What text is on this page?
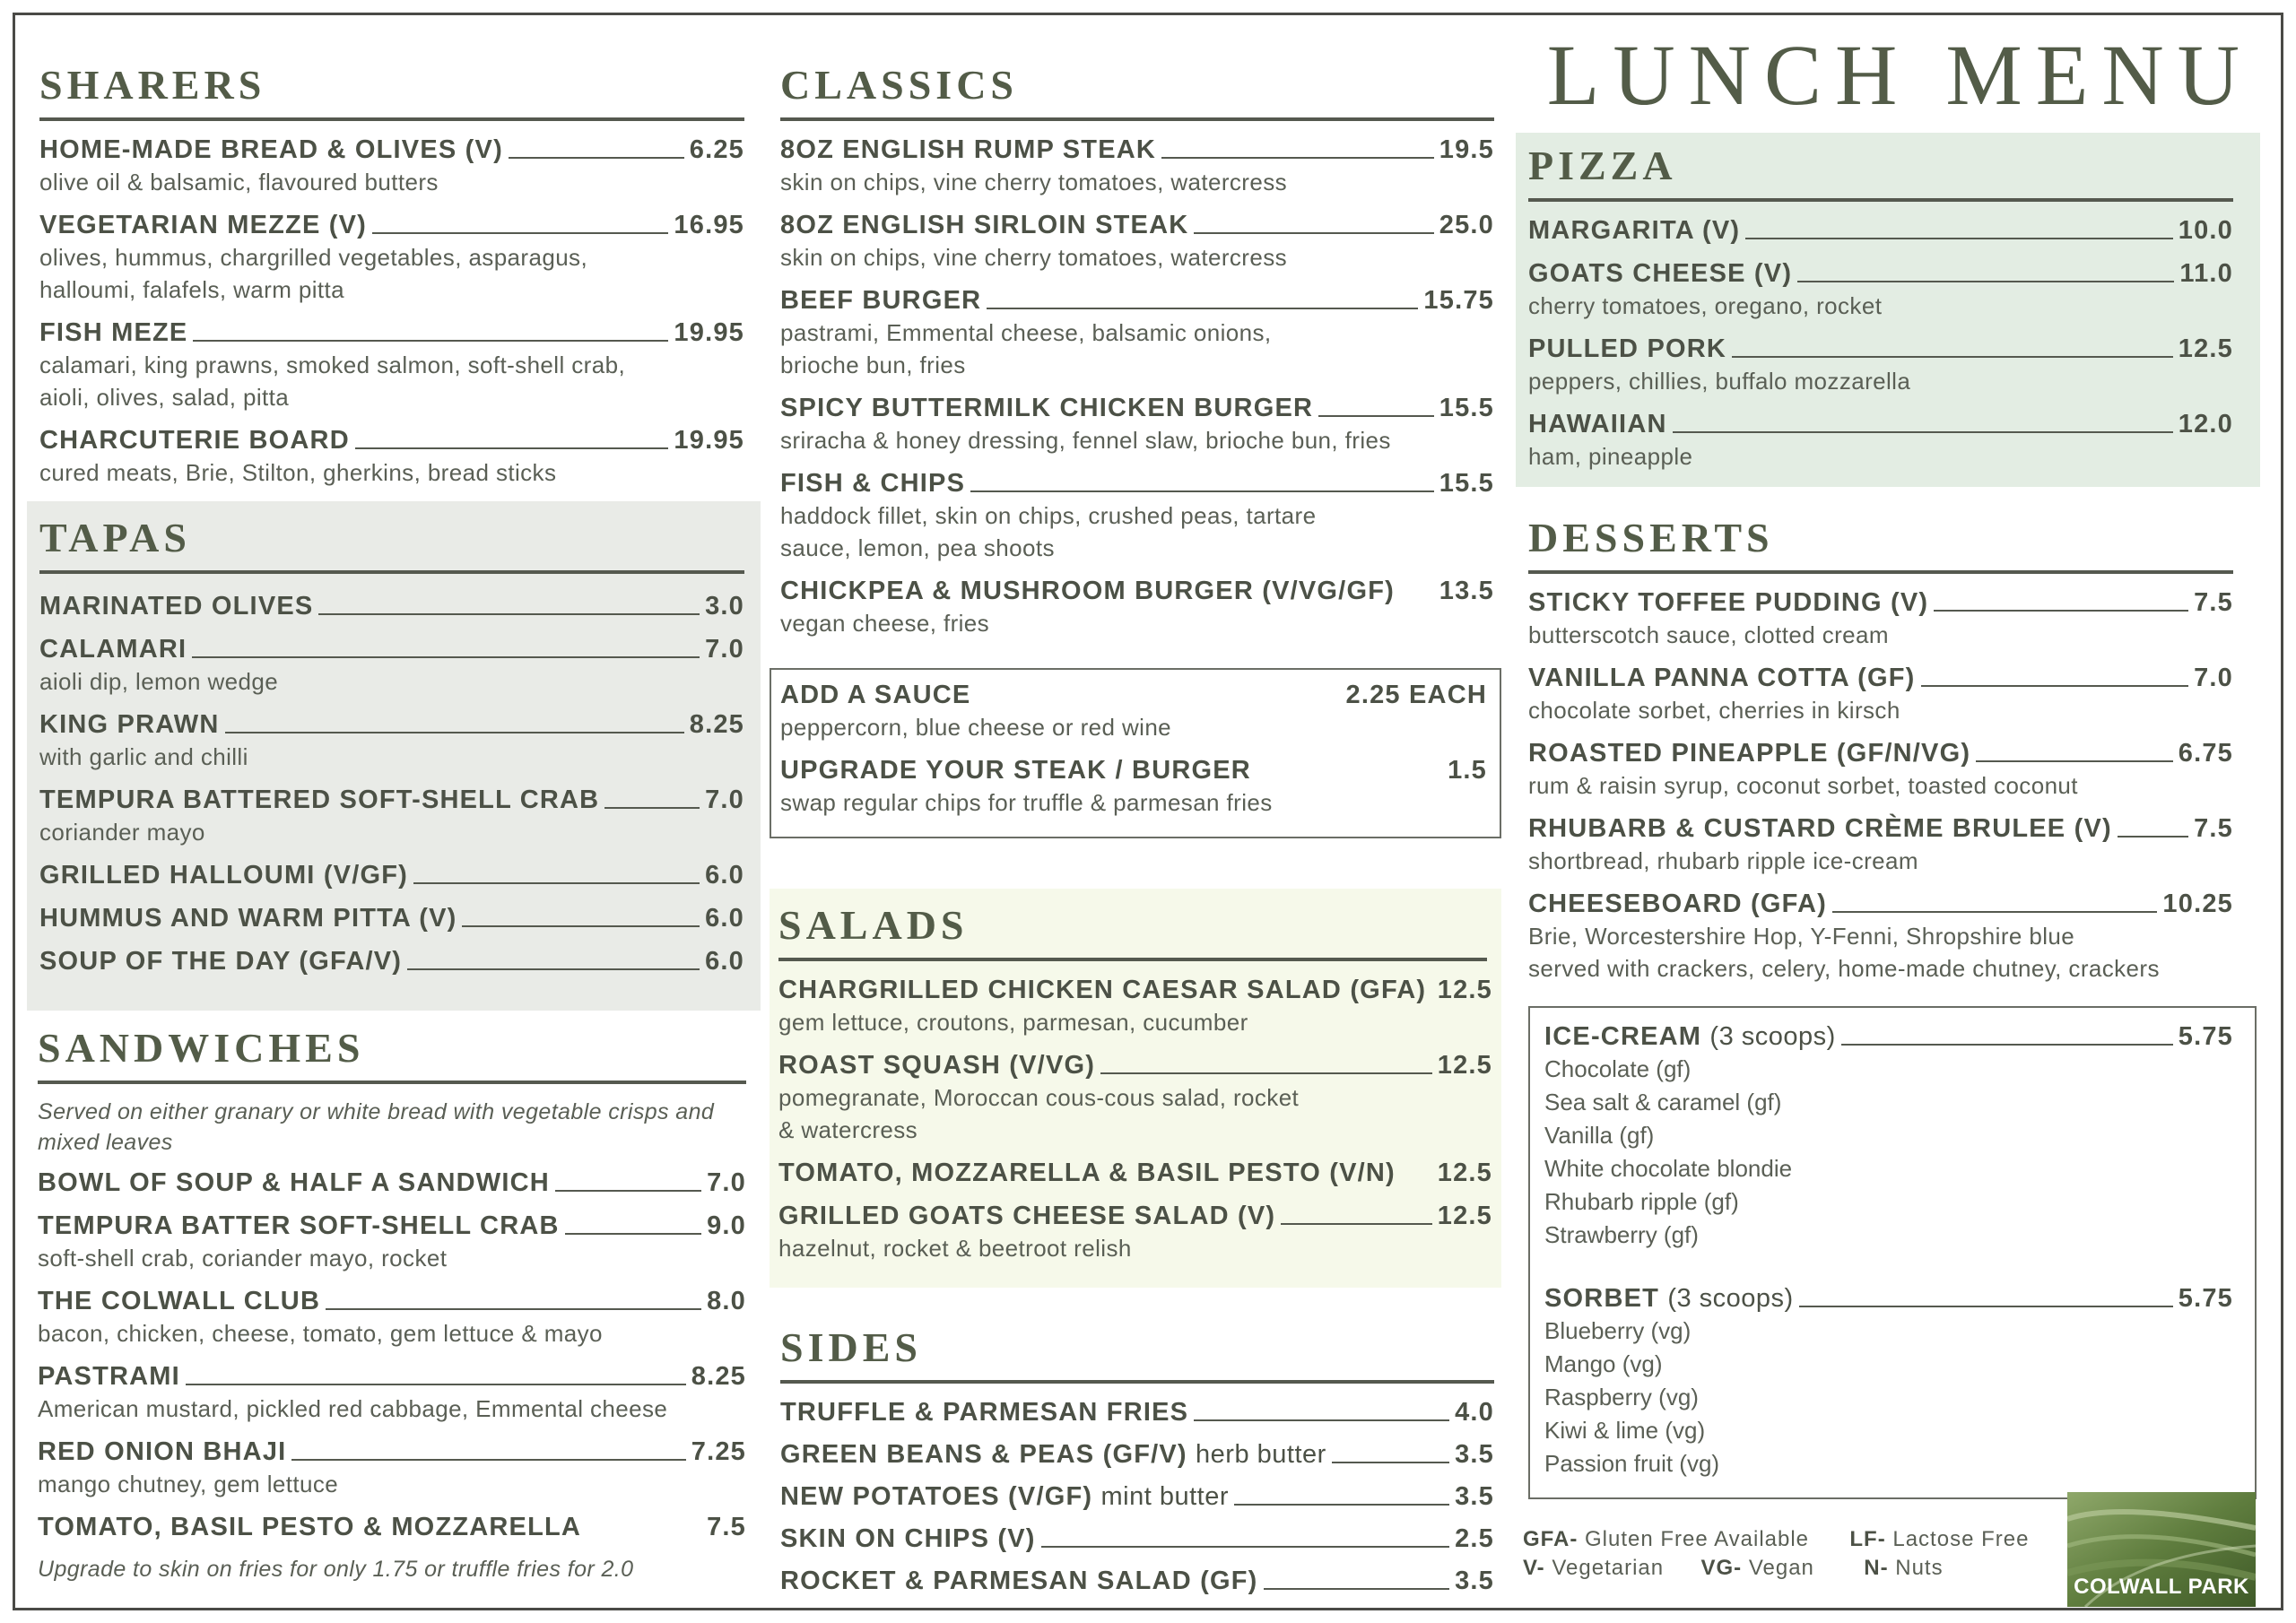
SHARERS
HOME-MADE BREAD & OLIVES (V)	6.25
olive oil & balsamic, flavoured butters
VEGETARIAN MEZZE (V)	16.95
olives, hummus, chargrilled vegetables, asparagus,
halloumi, falafels, warm pitta
FISH MEZE	19.95
calamari, king prawns, smoked salmon, soft-shell crab,
aioli, olives, salad, pitta
CHARCUTERIE BOARD	19.95
cured meats, Brie, Stilton, gherkins, bread sticks
TAPAS
MARINATED OLIVES	3.0
CALAMARI	7.0
aioli dip, lemon wedge
KING PRAWN	8.25
with garlic and chilli
TEMPURA BATTERED SOFT-SHELL CRAB	7.0
coriander mayo
GRILLED HALLOUMI (V/GF)	6.0
HUMMUS AND WARM PITTA (V)	6.0
SOUP OF THE DAY (GFA/V)	6.0
SANDWICHES
Served on either granary or white bread with vegetable crisps and mixed leaves
BOWL OF SOUP & HALF A SANDWICH	7.0
TEMPURA BATTER SOFT-SHELL CRAB	9.0
soft-shell crab, coriander mayo, rocket
THE COLWALL CLUB	8.0
bacon, chicken, cheese, tomato, gem lettuce & mayo
PASTRAMI	8.25
American mustard, pickled red cabbage, Emmental cheese
RED ONION BHAJI	7.25
mango chutney, gem lettuce
TOMATO, BASIL PESTO & MOZZARELLA	7.5
Upgrade to skin on fries for only 1.75 or truffle fries for 2.0
CLASSICS
8OZ ENGLISH RUMP STEAK	19.5
skin on chips, vine cherry tomatoes, watercress
8OZ ENGLISH SIRLOIN STEAK	25.0
skin on chips, vine cherry tomatoes, watercress
BEEF BURGER	15.75
pastrami, Emmental cheese, balsamic onions,
brioche bun, fries
SPICY BUTTERMILK CHICKEN BURGER	15.5
sriracha & honey dressing, fennel slaw, brioche bun, fries
FISH & CHIPS	15.5
haddock fillet, skin on chips, crushed peas, tartare
sauce, lemon, pea shoots
CHICKPEA & MUSHROOM BURGER (V/VG/GF) 13.5
vegan cheese, fries
ADD A SAUCE	2.25 EACH
peppercorn, blue cheese or red wine
UPGRADE YOUR STEAK / BURGER	1.5
swap regular chips for truffle & parmesan fries
SALADS
CHARGRILLED CHICKEN CAESAR SALAD (GFA) 12.5
gem lettuce, croutons, parmesan, cucumber
ROAST SQUASH (V/VG)	12.5
pomegranate, Moroccan cous-cous salad, rocket
& watercress
TOMATO, MOZZARELLA & BASIL PESTO (V/N) 12.5
GRILLED GOATS CHEESE SALAD (V)	12.5
hazelnut, rocket & beetroot relish
SIDES
TRUFFLE & PARMESAN FRIES	4.0
GREEN BEANS & PEAS (GF/V) herb butter	3.5
NEW POTATOES (V/GF) mint butter	3.5
SKIN ON CHIPS (V)	2.5
ROCKET & PARMESAN SALAD (GF)	3.5
LUNCH MENU
PIZZA
MARGARITA (V)	10.0
GOATS CHEESE (V)	11.0
cherry tomatoes, oregano, rocket
PULLED PORK	12.5
peppers, chillies, buffalo mozzarella
HAWAIIAN	12.0
ham, pineapple
DESSERTS
STICKY TOFFEE PUDDING (V)	7.5
butterscotch sauce, clotted cream
VANILLA PANNA COTTA (GF)	7.0
chocolate sorbet, cherries in kirsch
ROASTED PINEAPPLE (GF/N/VG)	6.75
rum & raisin syrup, coconut sorbet, toasted coconut
RHUBARB & CUSTARD CRÈME BRULEE (V)	7.5
shortbread, rhubarb ripple ice-cream
CHEESEBOARD (GFA)	10.25
Brie, Worcestershire Hop, Y-Fenni, Shropshire blue
served with crackers, celery, home-made chutney, crackers
ICE-CREAM (3 scoops)	5.75
Chocolate (gf)
Sea salt & caramel (gf)
Vanilla (gf)
White chocolate blondie
Rhubarb ripple (gf)
Strawberry (gf)
SORBET (3 scoops)	5.75
Blueberry (vg)
Mango (vg)
Raspberry (vg)
Kiwi & lime (vg)
Passion fruit (vg)
GFA- Gluten Free Available LF- Lactose Free
V- Vegetarian VG- Vegan N- Nuts
COLWALL PARK
